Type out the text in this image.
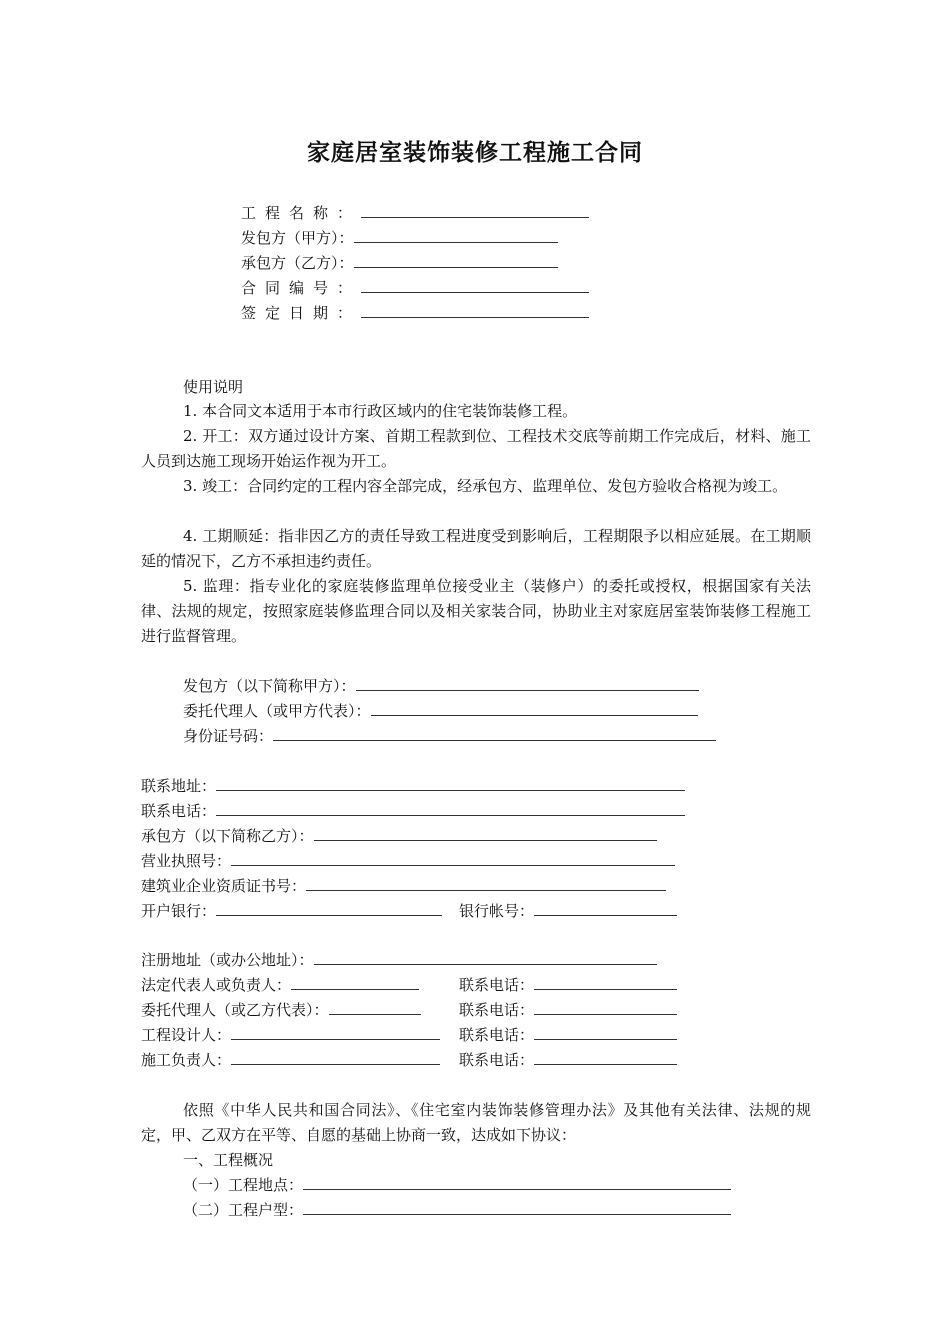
家庭居室装饰装修工程施工合同
工程名称：
发包方（甲方）：
承包方（乙方）：
合同编号：
签定日期：
使用说明
1. 本合同文本适用于本市行政区域内的住宅装饰装修工程。
2. 开工：双方通过设计方案、首期工程款到位、工程技术交底等前期工作完成后，材料、施工人员到达施工现场开始运作视为开工。
3. 竣工：合同约定的工程内容全部完成，经承包方、监理单位、发包方验收合格视为竣工。
4. 工期顺延：指非因乙方的责任导致工程进度受到影响后，工程期限予以相应延展。在工期顺延的情况下，乙方不承担违约责任。
5. 监理：指专业化的家庭装修监理单位接受业主（装修户）的委托或授权，根据国家有关法律、法规的规定，按照家庭装修监理合同以及相关家装合同，协助业主对家庭居室装饰装修工程施工进行监督管理。
发包方（以下简称甲方）：
委托代理人（或甲方代表）：
身份证号码：
联系地址：
联系电话：
承包方（以下简称乙方）：
营业执照号：
建筑业企业资质证书号：
开户银行：	银行帐号：
注册地址（或办公地址）：
法定代表人或负责人：	联系电话：
委托代理人（或乙方代表）：	联系电话：
工程设计人：	联系电话：
施工负责人：	联系电话：
依照《中华人民共和国合同法》、《住宅室内装饰装修管理办法》及其他有关法律、法规的规定，甲、乙双方在平等、自愿的基础上协商一致，达成如下协议：
一、工程概况
（一）工程地点：
（二）工程户型：
